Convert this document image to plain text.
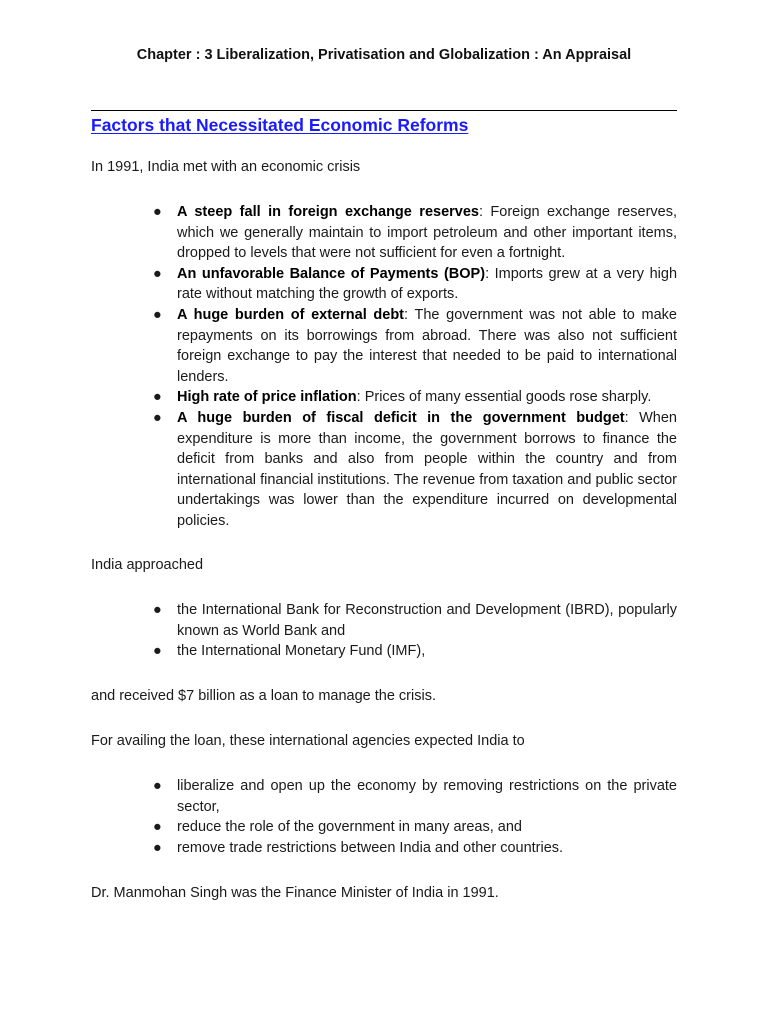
Chapter : 3 Liberalization, Privatisation and Globalization : An Appraisal
Factors that Necessitated Economic Reforms
In 1991, India met with an economic crisis
● A steep fall in foreign exchange reserves: Foreign exchange reserves, which we generally maintain to import petroleum and other important items, dropped to levels that were not sufficient for even a fortnight.
● An unfavorable Balance of Payments (BOP): Imports grew at a very high rate without matching the growth of exports.
● A huge burden of external debt: The government was not able to make repayments on its borrowings from abroad. There was also not sufficient foreign exchange to pay the interest that needed to be paid to international lenders.
● High rate of price inflation: Prices of many essential goods rose sharply.
● A huge burden of fiscal deficit in the government budget: When expenditure is more than income, the government borrows to finance the deficit from banks and also from people within the country and from international financial institutions. The revenue from taxation and public sector undertakings was lower than the expenditure incurred on developmental policies.
India approached
● the International Bank for Reconstruction and Development (IBRD), popularly known as World Bank and
● the International Monetary Fund (IMF),
and received $7 billion as a loan to manage the crisis.
For availing the loan, these international agencies expected India to
● liberalize and open up the economy by removing restrictions on the private sector,
● reduce the role of the government in many areas, and
● remove trade restrictions between India and other countries.
Dr. Manmohan Singh was the Finance Minister of India in 1991.
